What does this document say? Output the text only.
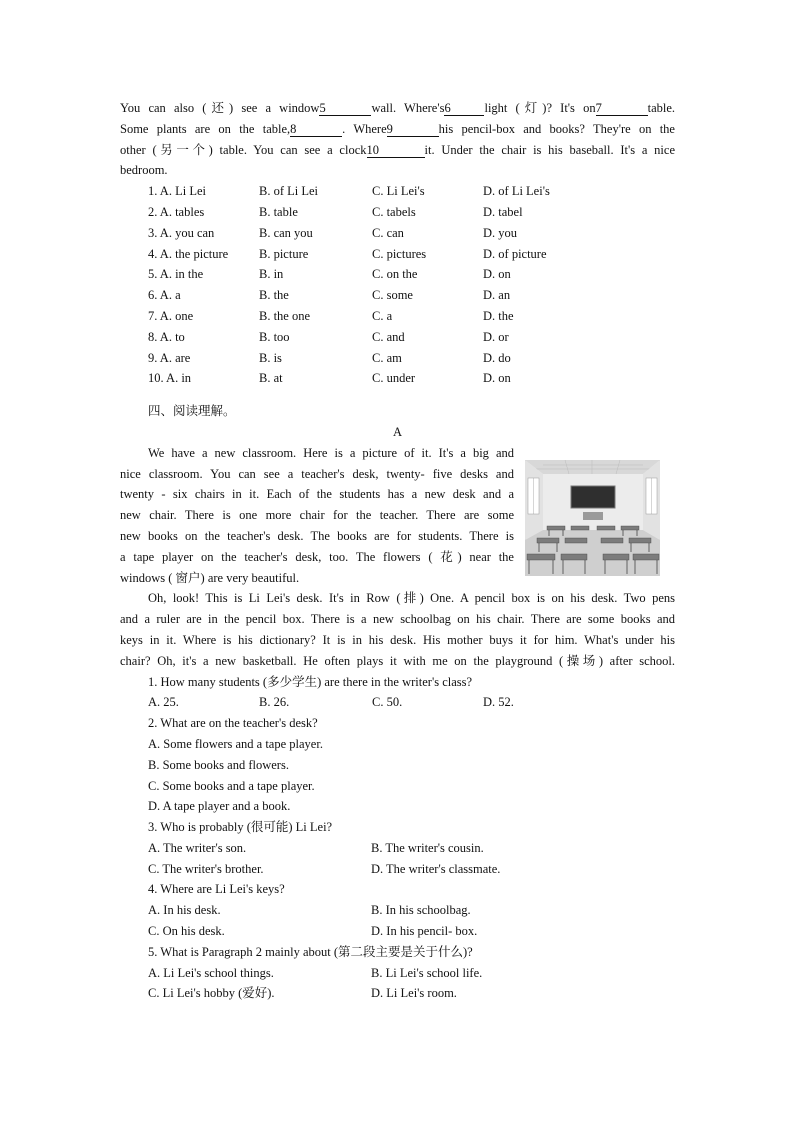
You can also (还) see a window5	wall. Where's6	light (灯)? It's on7	table.
Some plants are on the table,8	. Where9	his pencil-box and books? They're on the
other (另一个) table. You can see a clock10	it. Under the chair is his baseball. It's a nice
bedroom.
1. A. Li Lei	B. of Li Lei	C. Li Lei's	D. of Li Lei's
2. A. tables	B. table	C. tabels	D. tabel
3. A. you can	B. can you	C. can	D. you
4. A. the picture B. picture	C. pictures	D. of picture
5. A. in the	B. in	C. on the	D. on
6. A. a	B. the	C. some	D. an
7. A. one	B. the one	C. a	D. the
8. A. to	B. too	C. and	D. or
9. A. are	B. is	C. am	D. do
10. A. in	B. at	C. under	D. on
四、阅读理解。
A
We have a new classroom. Here is a picture of it. It's a big and
nice classroom. You can see a teacher's desk, twenty- five desks and
twenty - six chairs in it. Each of the students has a new desk and a
new chair. There is one more chair for the teacher. There are some
new books on the teacher's desk. The books are for students. There is
a tape player on the teacher's desk, too. The flowers ( 花) near the
windows ( 窗户) are very beautiful.
Oh, look! This is Li Lei's desk. It's in Row (排) One. A pencil box is on his desk. Two pens
and a ruler are in the pencil box. There is a new schoolbag on his chair. There are some books and
keys in it. Where is his dictionary? It is in his desk. His mother buys it for him. What's under his
chair? Oh, it's a new basketball. He often plays it with me on the playground (操场) after school.
1. How many students (多少学生) are there in the writer's class?
A. 25.	B. 26.	C. 50.	D. 52.
2. What are on the teacher's desk?
A. Some flowers and a tape player.
B. Some books and flowers.
C. Some books and a tape player.
D. A tape player and a book.
3. Who is probably (很可能) Li Lei?
A. The writer's son.	B. The writer's cousin.
C. The writer's brother.	D. The writer's classmate.
4. Where are Li Lei's keys?
A. In his desk.	B. In his schoolbag.
C. On his desk.	D. In his pencil- box.
5. What is Paragraph 2 mainly about (第二段主要是关于什么)?
A. Li Lei's school things.	B. Li Lei's school life.
C. Li Lei's hobby (爱好).	D. Li Lei's room.
